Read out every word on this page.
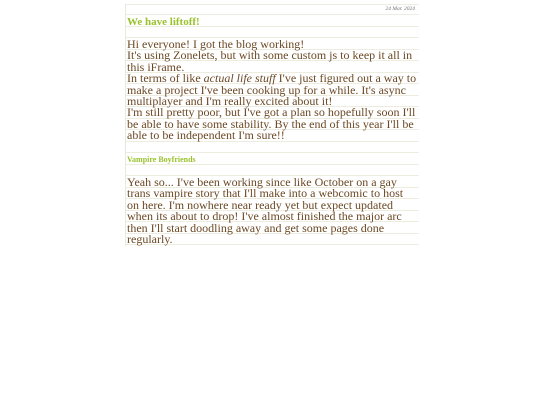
24 Mar. 2024
We have liftoff!

Hi everyone! I got the blog working!

It's using Zonelets, but with some custom js to keep it all in this iFrame.

In terms of like actual life stuff I've just figured out a way to make a project I've been cooking up for a while. It's async multiplayer and I'm really excited about it!

I'm still pretty poor, but I've got a plan so hopefully soon I'll be able to have some stability. By the end of this year I'll be able to be independent I'm sure!!

Vampire Boyfriends

Yeah so... I've been working since like October on a gay trans vampire story that I'll make into a webcomic to host on here. I'm nowhere near ready yet but expect updated when its about to drop! I've almost finished the major arc then I'll start doodling away and get some pages done regularly.
